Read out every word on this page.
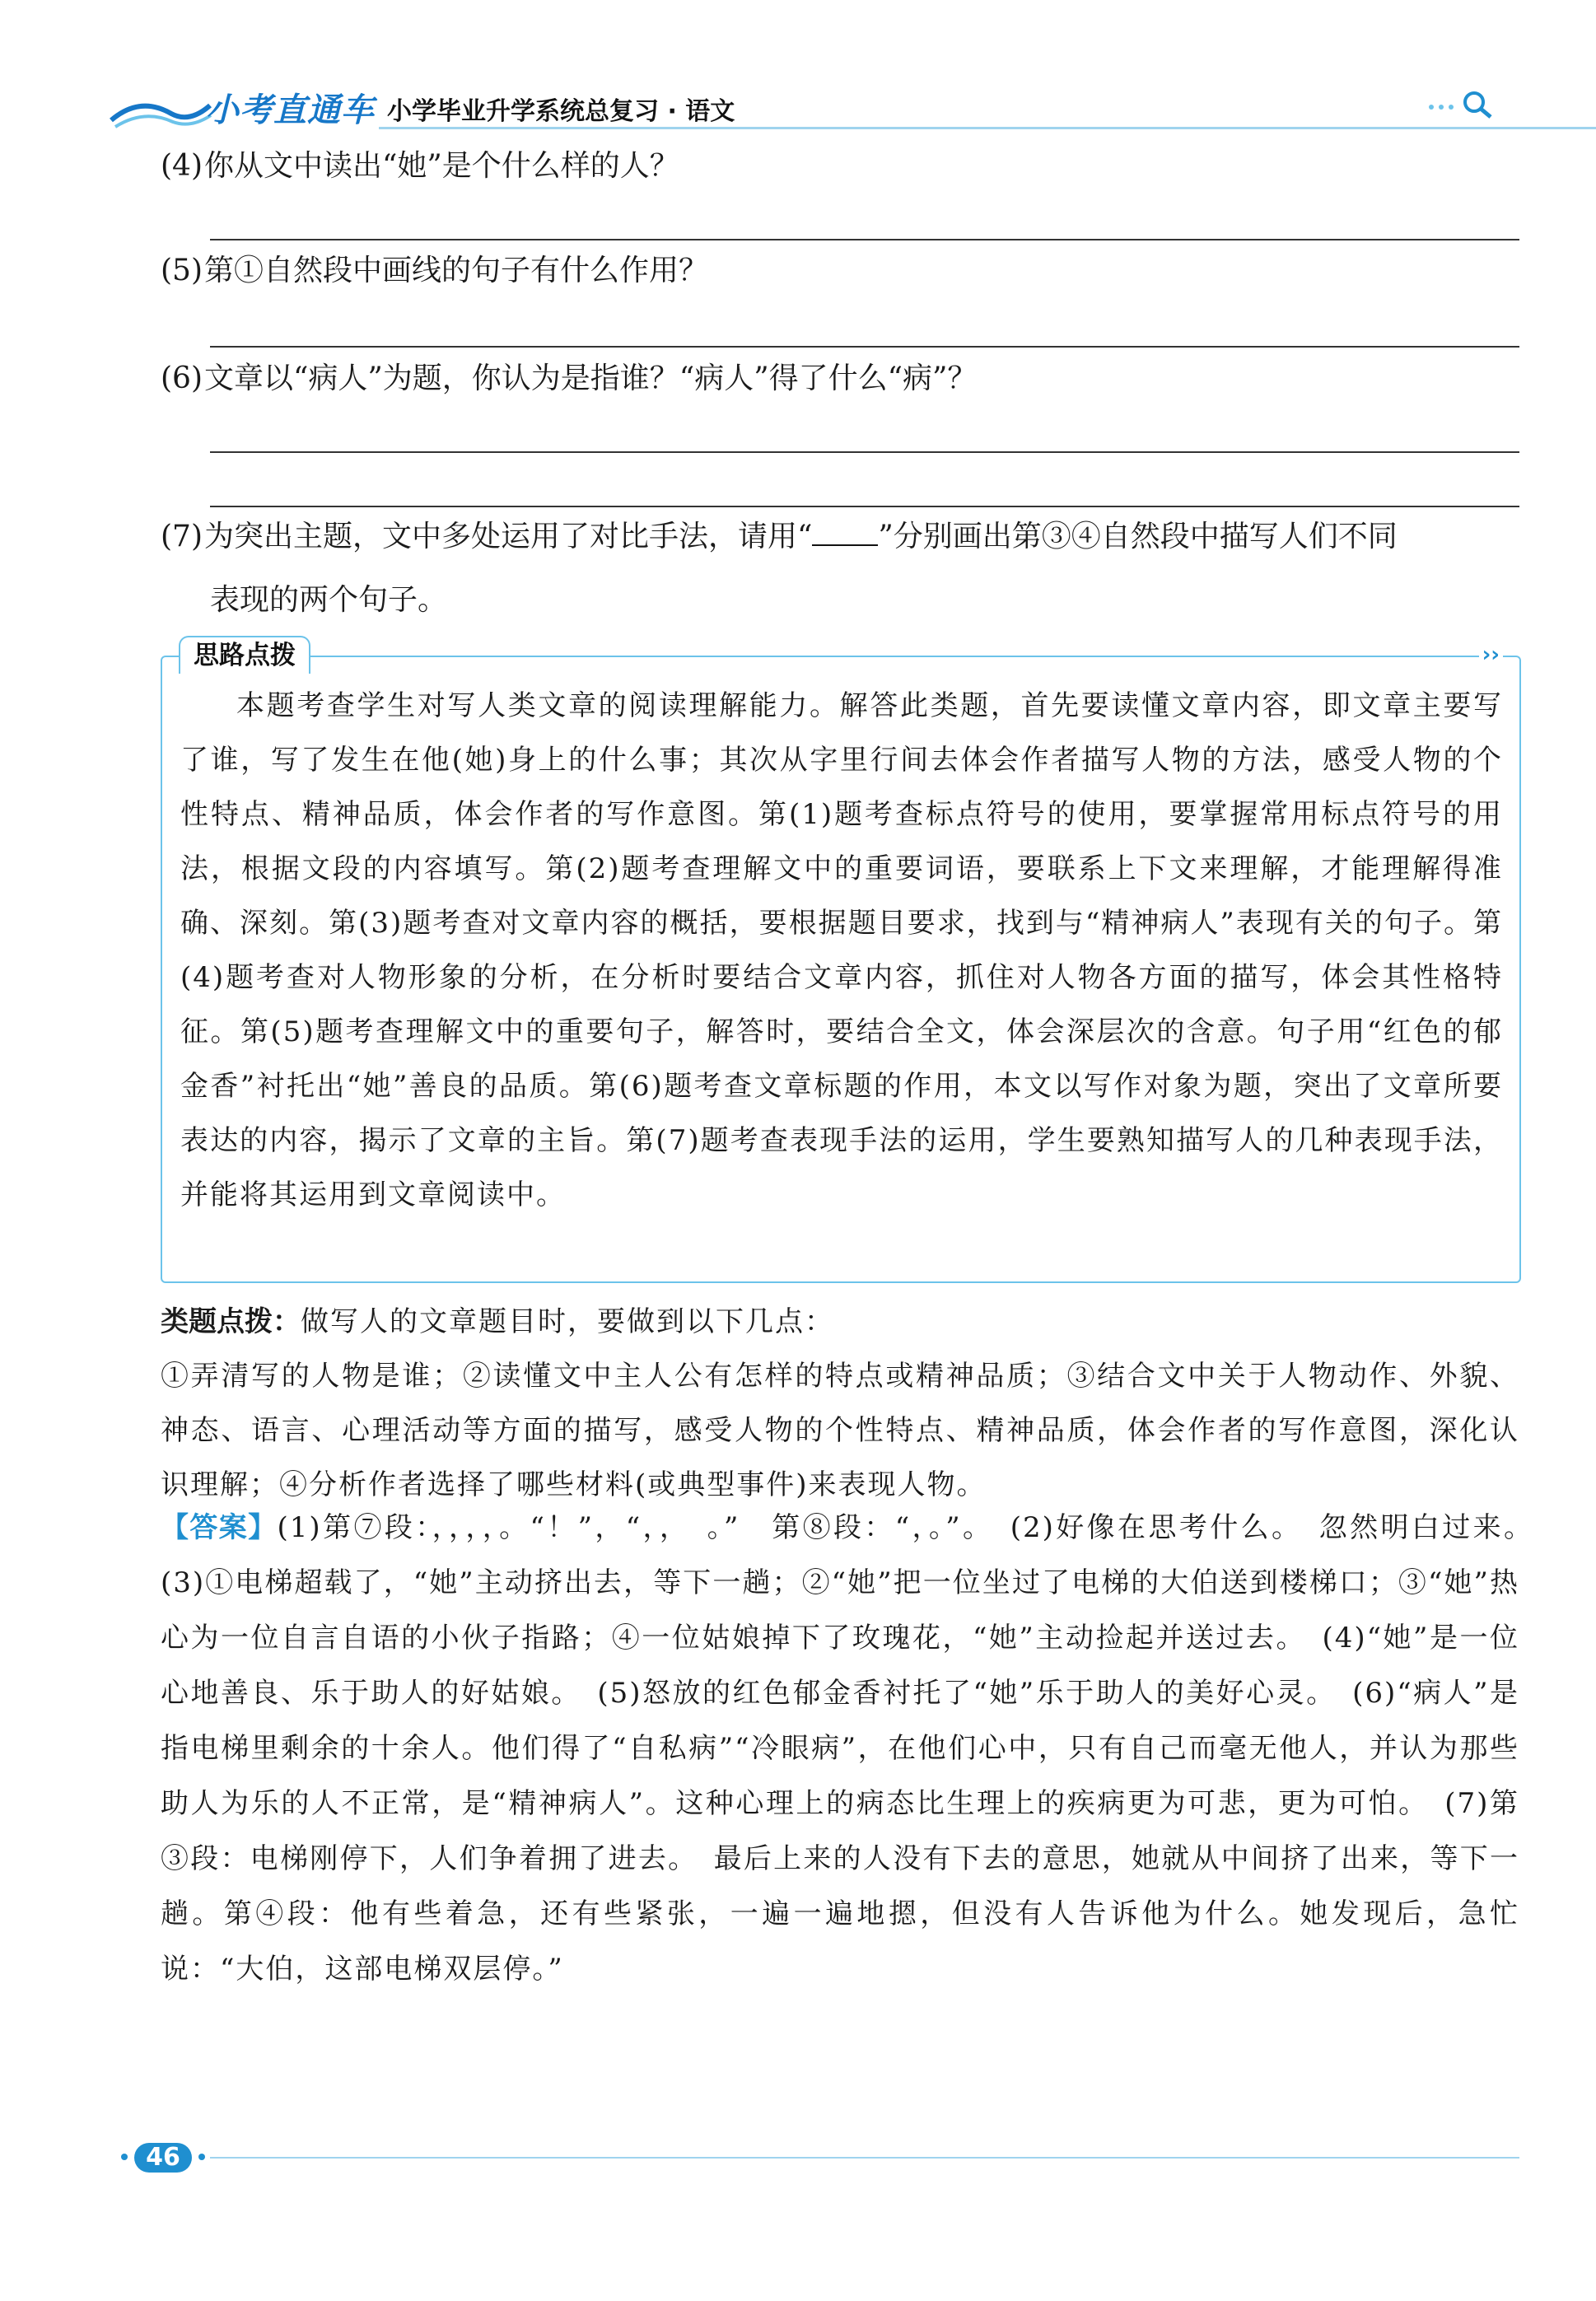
小考直通车 小学毕业升学系统总复习 · 语文
(4)你从文中读出“她”是个什么样的人？
(5)第①自然段中画线的句子有什么作用？
(6)文章以“病人”为题，你认为是指谁？“病人”得了什么“病”？
(7)为突出主题，文中多处运用了对比手法，请用“ ”分别画出第③④自然段中描写人们不同
表现的两个句子。
思路点拨	››
本题考查学生对写人类文章的阅读理解能力。解答此类题，首先要读懂文章内容，即文章主要写了谁，写了发生在他(她)身上的什么事；其次从字里行间去体会作者描写人物的方法，感受人物的个性特点、精神品质，体会作者的写作意图。第(1)题考查标点符号的使用，要掌握常用标点符号的用法，根据文段的内容填写。第(2)题考查理解文中的重要词语，要联系上下文来理解，才能理解得准确、深刻。第(3)题考查对文章内容的概括，要根据题目要求，找到与“精神病人”表现有关的句子。第(4)题考查对人物形象的分析，在分析时要结合文章内容，抓住对人物各方面的描写，体会其性格特征。第(5)题考查理解文中的重要句子，解答时，要结合全文，体会深层次的含意。句子用“红色的郁金香”衬托出“她”善良的品质。第(6)题考查文章标题的作用，本文以写作对象为题，突出了文章所要表达的内容，揭示了文章的主旨。第(7)题考查表现手法的运用，学生要熟知描写人的几种表现手法，并能将其运用到文章阅读中。
类题点拨：做写人的文章题目时，要做到以下几点：
①弄清写的人物是谁；②读懂文中主人公有怎样的特点或精神品质；③结合文中关于人物动作、外貌、神态、语言、心理活动等方面的描写，感受人物的个性特点、精神品质，体会作者的写作意图，深化认识理解；④分析作者选择了哪些材料(或典型事件)来表现人物。
【答案】(1)第⑦段：，，，，。“！”，“，，　。”　第⑧段：“，。”。　(2)好像在思考什么。　忽然明白过来。　(3)①电梯超载了，“她”主动挤出去，等下一趟；②“她”把一位坐过了电梯的大伯送到楼梯口；③“她”热心为一位自言自语的小伙子指路；④一位姑娘掉下了玫瑰花，“她”主动捡起并送过去。　(4)“她”是一位心地善良、乐于助人的好姑娘。　(5)怒放的红色郁金香衬托了“她”乐于助人的美好心灵。　(6)“病人”是指电梯里剩余的十余人。他们得了“自私病”“冷眼病”，在他们心中，只有自己而毫无他人，并认为那些助人为乐的人不正常，是“精神病人”。这种心理上的病态比生理上的疾病更为可悲，更为可怕。　(7)第③段：电梯刚停下，人们争着拥了进去。　最后上来的人没有下去的意思，她就从中间挤了出来，等下一趟。第④段：他有些着急，还有些紧张，一遍一遍地摁，但没有人告诉他为什么。她发现后，急忙说：“大伯，这部电梯双层停。”
46
